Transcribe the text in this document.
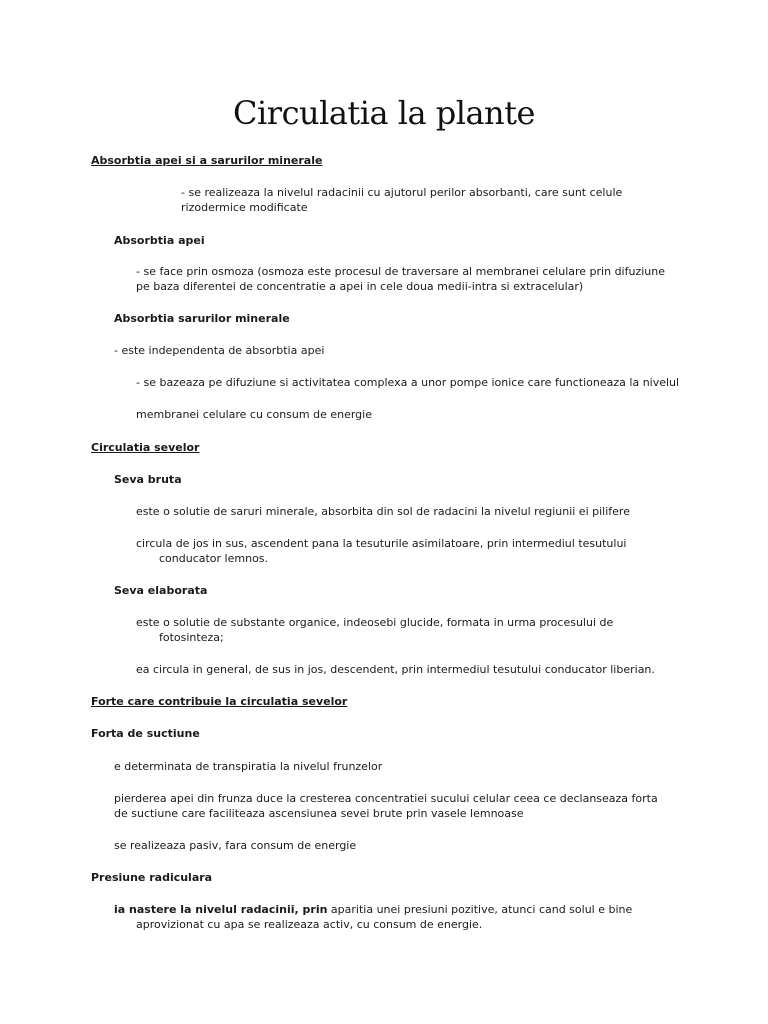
Circulatia la plante
Absorbtia apei si a sarurilor minerale
- se realizeaza la nivelul radacinii cu ajutorul perilor absorbanti, care sunt celule
rizodermice modificate
Absorbtia apei
- se face prin osmoza (osmoza este procesul de traversare al membranei celulare prin difuziune
pe baza diferentei de concentratie a apei in cele doua medii-intra si extracelular)
Absorbtia sarurilor minerale
- este independenta de absorbtia apei
- se bazeaza pe difuziune si activitatea complexa a unor pompe ionice care functioneaza la nivelul
membranei celulare cu consum de energie
Circulatia sevelor
Seva bruta
este o solutie de saruri minerale, absorbita din sol de radacini la nivelul regiunii ei pilifere
circula de jos in sus, ascendent pana la tesuturile asimilatoare, prin intermediul tesutului
conducator lemnos.
Seva elaborata
este o solutie de substante organice, indeosebi glucide, formata in urma procesului de
fotosinteza;
ea circula in general, de sus in jos, descendent, prin intermediul tesutului conducator liberian.
Forte care contribuie la circulatia sevelor
Forta de suctiune
e determinata de transpiratia la nivelul frunzelor
pierderea apei din frunza duce la cresterea concentratiei sucului celular ceea ce declanseaza forta
de suctiune care faciliteaza ascensiunea sevei brute prin vasele lemnoase
se realizeaza pasiv, fara consum de energie
Presiune radiculara
ia nastere la nivelul radacinii, prin aparitia unei presiuni pozitive, atunci cand solul e bine
aprovizionat cu apa se realizeaza activ, cu consum de energie.
